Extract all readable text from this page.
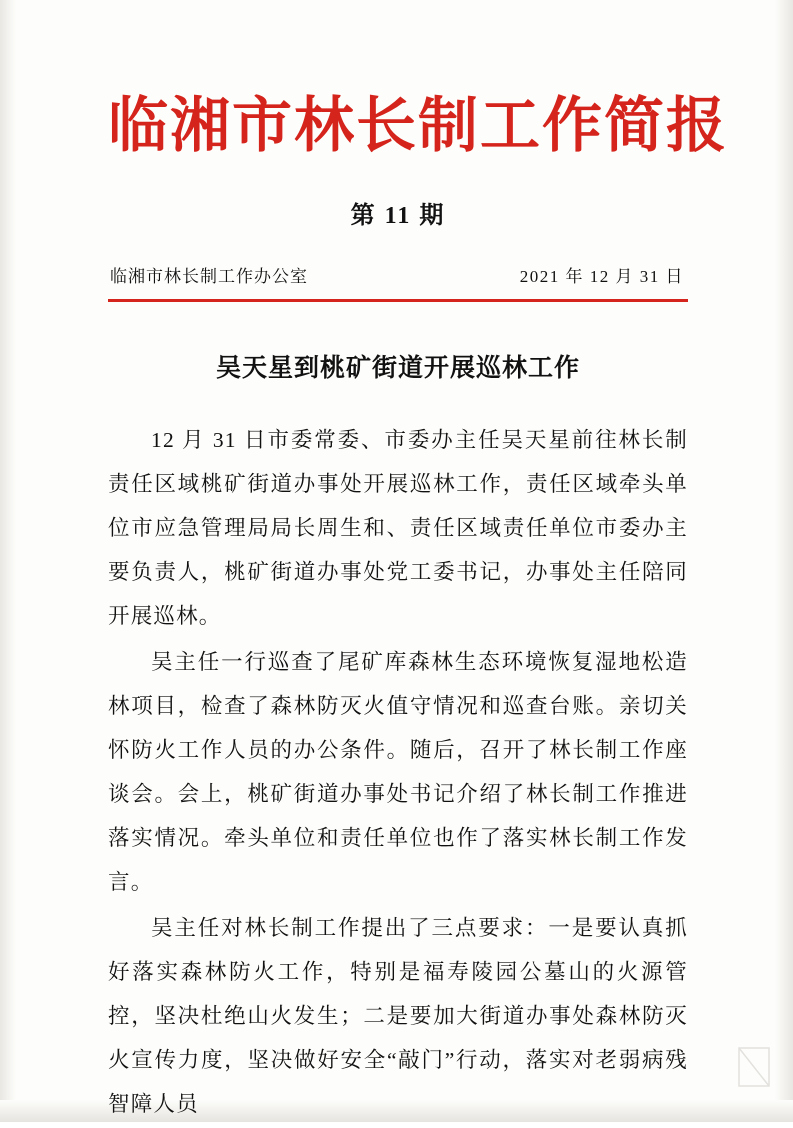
临湘市林长制工作简报
第 11 期
临湘市林长制工作办公室	2021 年 12 月 31 日
吴天星到桃矿街道开展巡林工作

12 月 31 日市委常委、市委办主任吴天星前往林长制责任区域桃矿街道办事处开展巡林工作，责任区域牵头单位市应急管理局局长周生和、责任区域责任单位市委办主要负责人，桃矿街道办事处党工委书记，办事处主任陪同开展巡林。

吴主任一行巡查了尾矿库森林生态环境恢复湿地松造林项目，检查了森林防灭火值守情况和巡查台账。亲切关怀防火工作人员的办公条件。随后，召开了林长制工作座谈会。会上，桃矿街道办事处书记介绍了林长制工作推进落实情况。牵头单位和责任单位也作了落实林长制工作发言。

吴主任对林长制工作提出了三点要求：一是要认真抓好落实森林防火工作，特别是福寿陵园公墓山的火源管控，坚决杜绝山火发生；二是要加大街道办事处森林防灭火宣传力度，坚决做好安全“敲门”行动，落实对老弱病残智障人员
